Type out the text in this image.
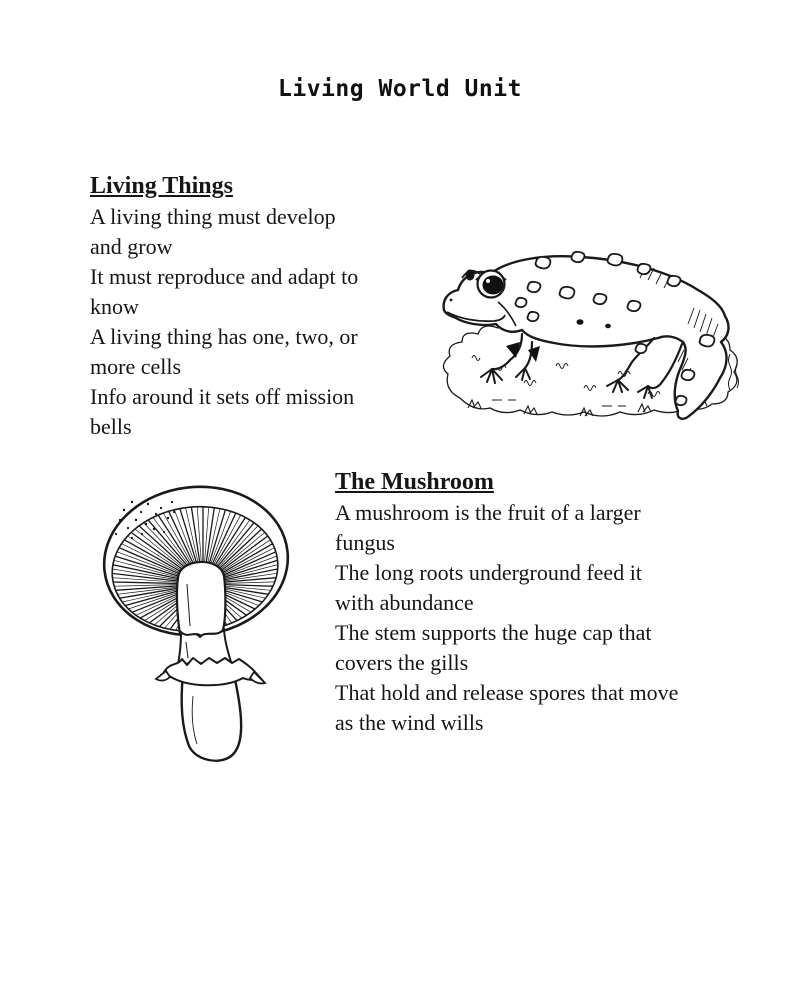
Living World Unit
Living Things
A living thing must develop
and grow
It must reproduce and adapt to
know
A living thing has one, two, or
more cells
Info around it sets off mission
bells
The Mushroom
A mushroom is the fruit of a larger
fungus
The long roots underground feed it
with abundance
The stem supports the huge cap that
covers the gills
That hold and release spores that move
as the wind wills
